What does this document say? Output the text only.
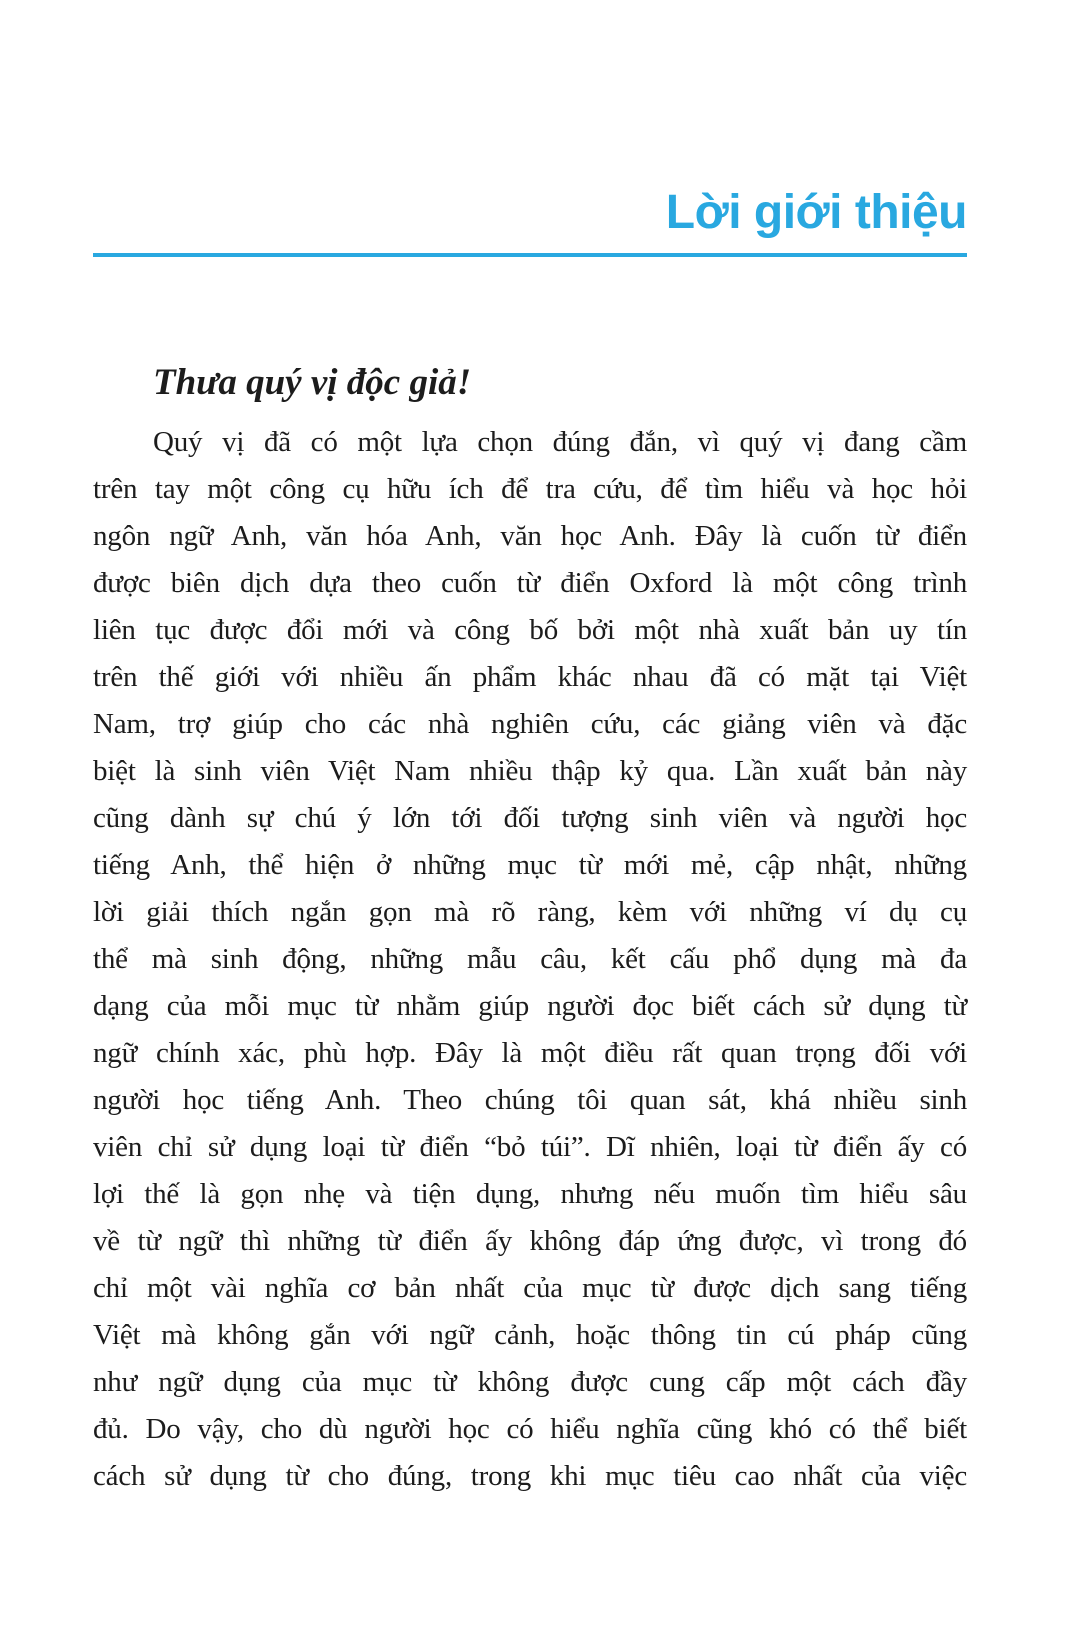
Lời giới thiệu

Thưa quý vị độc giả!

Quý vị đã có một lựa chọn đúng đắn, vì quý vị đang cầm
trên tay một công cụ hữu ích để tra cứu, để tìm hiểu và học hỏi
ngôn ngữ Anh, văn hóa Anh, văn học Anh. Đây là cuốn từ điển
được biên dịch dựa theo cuốn từ điển Oxford là một công trình
liên tục được đổi mới và công bố bởi một nhà xuất bản uy tín
trên thế giới với nhiều ấn phẩm khác nhau đã có mặt tại Việt
Nam, trợ giúp cho các nhà nghiên cứu, các giảng viên và đặc
biệt là sinh viên Việt Nam nhiều thập kỷ qua. Lần xuất bản này
cũng dành sự chú ý lớn tới đối tượng sinh viên và người học
tiếng Anh, thể hiện ở những mục từ mới mẻ, cập nhật, những
lời giải thích ngắn gọn mà rõ ràng, kèm với những ví dụ cụ
thể mà sinh động, những mẫu câu, kết cấu phổ dụng mà đa
dạng của mỗi mục từ nhằm giúp người đọc biết cách sử dụng từ
ngữ chính xác, phù hợp. Đây là một điều rất quan trọng đối với
người học tiếng Anh. Theo chúng tôi quan sát, khá nhiều sinh
viên chỉ sử dụng loại từ điển “bỏ túi”. Dĩ nhiên, loại từ điển ấy có
lợi thế là gọn nhẹ và tiện dụng, nhưng nếu muốn tìm hiểu sâu
về từ ngữ thì những từ điển ấy không đáp ứng được, vì trong đó
chỉ một vài nghĩa cơ bản nhất của mục từ được dịch sang tiếng
Việt mà không gắn với ngữ cảnh, hoặc thông tin cú pháp cũng
như ngữ dụng của mục từ không được cung cấp một cách đầy
đủ. Do vậy, cho dù người học có hiểu nghĩa cũng khó có thể biết
cách sử dụng từ cho đúng, trong khi mục tiêu cao nhất của việc
